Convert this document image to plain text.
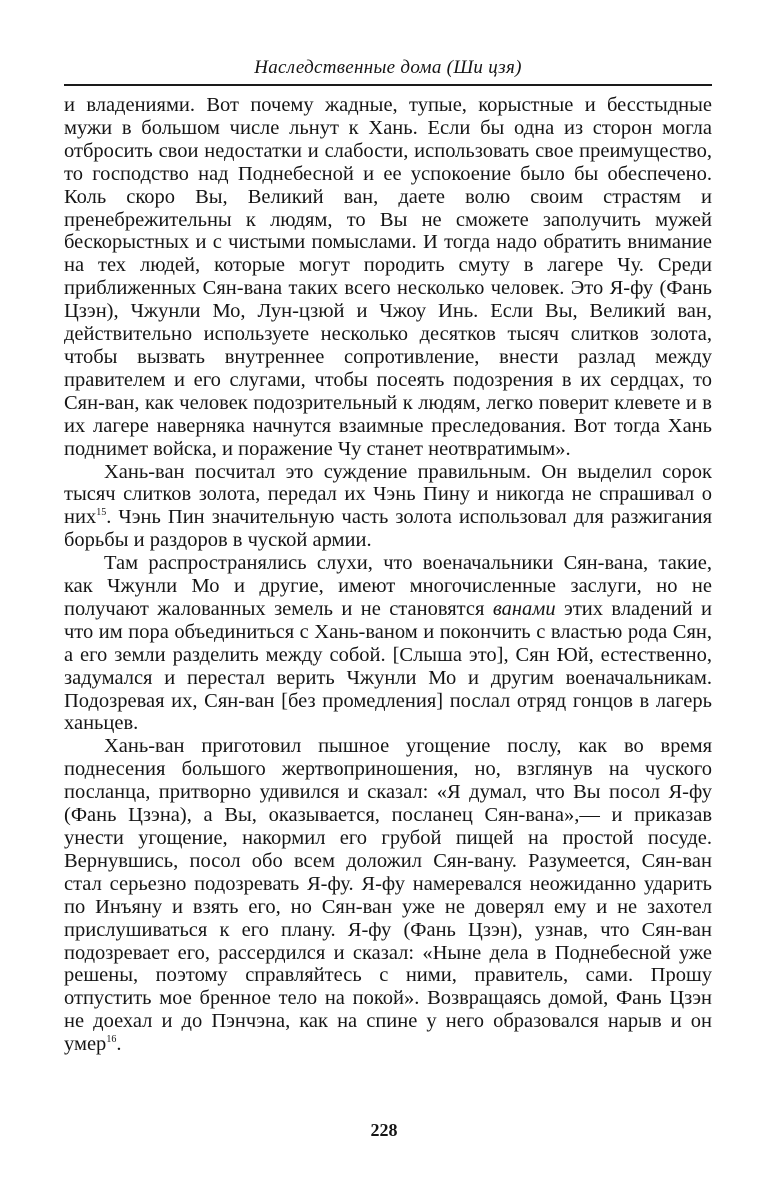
Наследственные дома (Ши цзя)

и владениями. Вот почему жадные, тупые, корыстные и бесстыдные мужи в большом числе льнут к Хань. Если бы одна из сторон могла отбросить свои недостатки и слабости, использовать свое преимущество, то господство над Поднебесной и ее успокоение было бы обеспечено. Коль скоро Вы, Великий ван, даете волю своим страстям и пренебрежительны к людям, то Вы не сможете заполучить мужей бескорыстных и с чистыми помыслами. И тогда надо обратить внимание на тех людей, которые могут породить смуту в лагере Чу. Среди приближенных Сян-вана таких всего несколько человек. Это Я-фу (Фань Цзэн), Чжунли Мо, Лун-цзюй и Чжоу Инь. Если Вы, Великий ван, действительно используете несколько десятков тысяч слитков золота, чтобы вызвать внутреннее сопротивление, внести разлад между правителем и его слугами, чтобы посеять подозрения в их сердцах, то Сян-ван, как человек подозрительный к людям, легко поверит клевете и в их лагере наверняка начнутся взаимные преследования. Вот тогда Хань поднимет войска, и поражение Чу станет неотвратимым».

Хань-ван посчитал это суждение правильным. Он выделил сорок тысяч слитков золота, передал их Чэнь Пину и никогда не спрашивал о них$^{15}$. Чэнь Пин значительную часть золота использовал для разжигания борьбы и раздоров в чуской армии.

Там распространялись слухи, что военачальники Сян-вана, такие, как Чжунли Мо и другие, имеют многочисленные заслуги, но не получают жалованных земель и не становятся ванами этих владений и что им пора объединиться с Хань-ваном и покончить с властью рода Сян, а его земли разделить между собой. [Слыша это], Сян Юй, естественно, задумался и перестал верить Чжунли Мо и другим военачальникам. Подозревая их, Сян-ван [без промедления] послал отряд гонцов в лагерь ханьцев.

Хань-ван приготовил пышное угощение послу, как во время поднесения большого жертвоприношения, но, взглянув на чуского посланца, притворно удивился и сказал: «Я думал, что Вы посол Я-фу (Фань Цзэна), а Вы, оказывается, посланец Сян-вана»,— и приказав унести угощение, накормил его грубой пищей на простой посуде. Вернувшись, посол обо всем доложил Сян-вану. Разумеется, Сян-ван стал серьезно подозревать Я-фу. Я-фу намеревался неожиданно ударить по Инъяну и взять его, но Сян-ван уже не доверял ему и не захотел прислушиваться к его плану. Я-фу (Фань Цзэн), узнав, что Сян-ван подозревает его, рассердился и сказал: «Ныне дела в Поднебесной уже решены, поэтому справляйтесь с ними, правитель, сами. Прошу отпустить мое бренное тело на покой». Возвращаясь домой, Фань Цзэн не доехал и до Пэнчэна, как на спине у него образовался нарыв и он умер$^{16}$.

228
